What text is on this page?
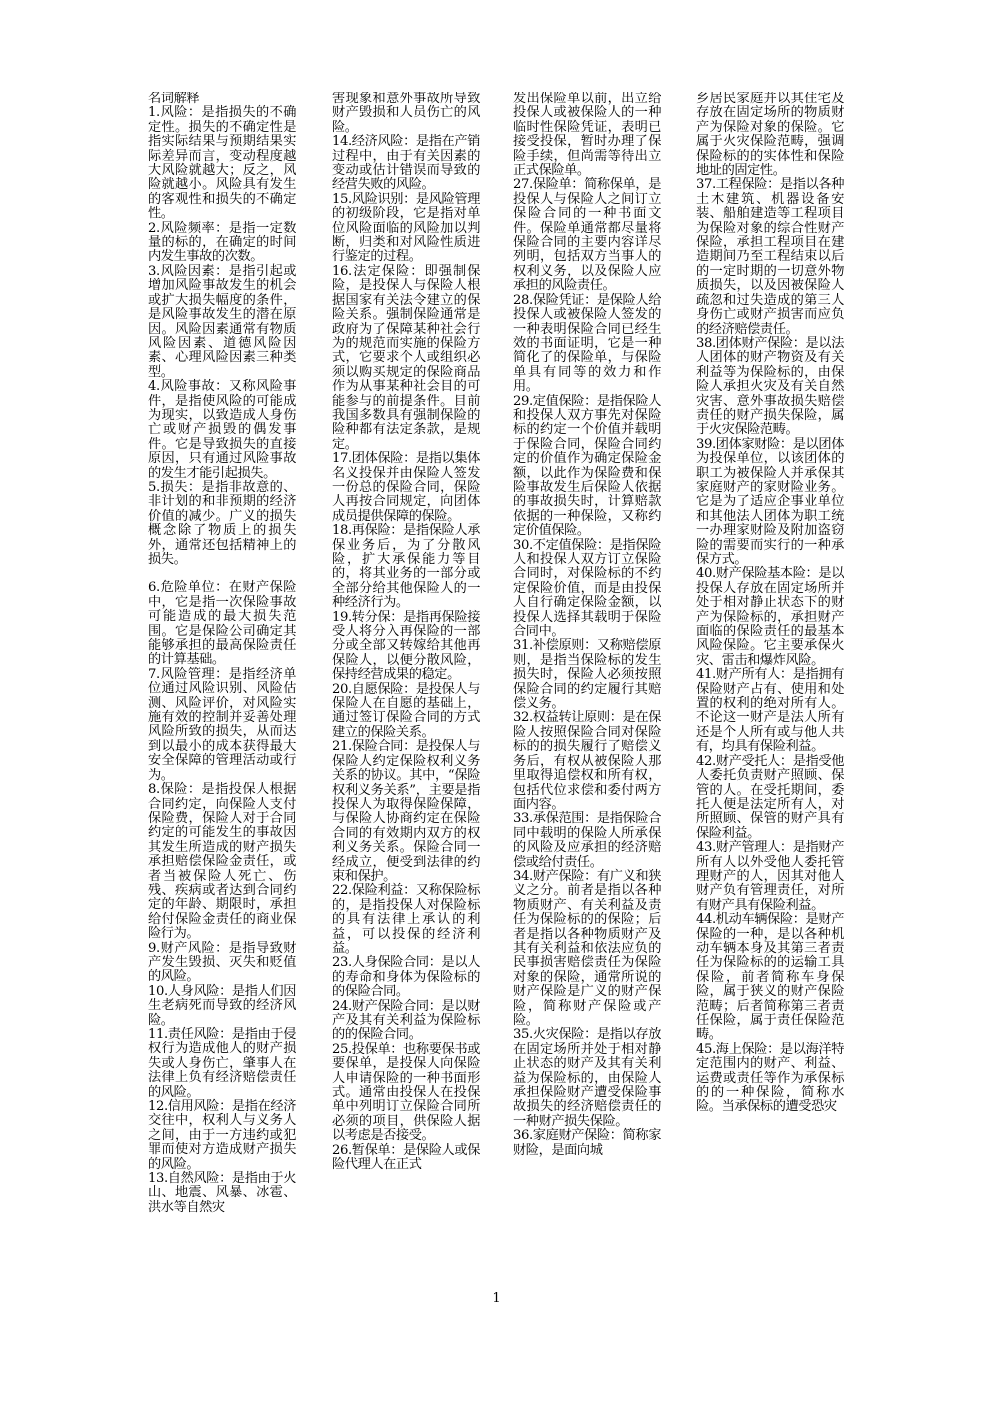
名词解释

1.风险：是指损失的不确定性。损失的不确定性是指实际结果与预期结果实际差异而言，变动程度越大风险就越大；反之，风险就越小。风险具有发生的客观性和损失的不确定性。

2.风险频率：是指一定数量的标的，在确定的时间内发生事故的次数。

3.风险因素：是指引起或增加风险事故发生的机会或扩大损失幅度的条件，是风险事故发生的潜在原因。风险因素通常有物质风险因素、道德风险因素、心理风险因素三种类型。

4.风险事故：又称风险事件，是指使风险的可能成为现实，以致造成人身伤亡或财产损毁的偶发事件。它是导致损失的直接原因，只有通过风险事故的发生才能引起损失。

5.损失：是指非故意的、非计划的和非预期的经济价值的减少。广义的损失概念除了物质上的损失外，通常还包括精神上的损失。

6.危险单位：在财产保险中，它是指一次保险事故可能造成的最大损失范围。它是保险公司确定其能够承担的最高保险责任的计算基础。

7.风险管理：是指经济单位通过风险识别、风险估测、风险评价，对风险实施有效的控制并妥善处理风险所致的损失，从而达到以最小的成本获得最大安全保障的管理活动或行为。

8.保险：是指投保人根据合同约定，向保险人支付保险费，保险人对于合同约定的可能发生的事故因其发生所造成的财产损失承担赔偿保险金责任，或者当被保险人死亡、伤残、疾病或者达到合同约定的年龄、期限时，承担给付保险金责任的商业保险行为。

9.财产风险：是指导致财产发生毁损、灭失和贬值的风险。

10.人身风险：是指人们因生老病死而导致的经济风险。

11.责任风险：是指由于侵权行为造成他人的财产损失或人身伤亡，肇事人在法律上负有经济赔偿责任的风险。

12.信用风险：是指在经济交往中，权利人与义务人之间，由于一方违约或犯罪而使对方造成财产损失的风险。

13.自然风险：是指由于火山、地震、风暴、冰雹、洪水等自然灾

害现象和意外事故所导致财产毁损和人员伤亡的风险。

14.经济风险：是指在产销过程中，由于有关因素的变动或估计错误而导致的经营失败的风险。

15.风险识别：是风险管理的初级阶段，它是指对单位风险面临的风险加以判断，归类和对风险性质进行鉴定的过程。

16.法定保险：即强制保险，是投保人与保险人根据国家有关法令建立的保险关系。强制保险通常是政府为了保障某种社会行为的规范而实施的保险方式，它要求个人或组织必须以购买规定的保险商品作为从事某种社会目的可能参与的前提条件。目前我国多数具有强制保险的险种都有法定条款，是规定。

17.团体保险：是指以集体名义投保并由保险人签发一份总的保险合同，保险人再按合同规定，向团体成员提供保障的保险。

18.再保险：是指保险人承保业务后，为了分散风险，扩大承保能力等目的，将其业务的一部分或全部分给其他保险人的一种经济行为。

19.转分保：是指再保险接受人将分入再保险的一部分或全部又转嫁给其他再保险人，以便分散风险，保持经营成果的稳定。

20.自愿保险：是投保人与保险人在自愿的基础上，通过签订保险合同的方式建立的保险关系。

21.保险合同：是投保人与保险人约定保险权利义务关系的协议。其中，“保险权利义务关系”，主要是指投保人为取得保险保障，与保险人协商约定在保险合同的有效期内双方的权利义务关系。保险合同一经成立，便受到法律的约束和保护。

22.保险利益：又称保险标的，是指投保人对保险标的具有法律上承认的利益，可以投保的经济利益。

23.人身保险合同：是以人的寿命和身体为保险标的的保险合同。

24.财产保险合同：是以财产及其有关利益为保险标的的保险合同。

25.投保单：也称要保书或要保单，是投保人向保险人申请保险的一种书面形式。通常由投保人在投保单中列明订立保险合同所必须的项目，供保险人据以考虑是否接受。

26.暂保单：是保险人或保险代理人在正式

发出保险单以前，出立给投保人或被保险人的一种临时性保险凭证，表明已接受投保，暂时办理了保险手续，但尚需等待出立正式保险单。

27.保险单：简称保单，是投保人与保险人之间订立保险合同的一种书面文件。保险单通常都尽量将保险合同的主要内容详尽列明，包括双方当事人的权利义务，以及保险人应承担的风险责任。

28.保险凭证：是保险人给投保人或被保险人签发的一种表明保险合同已经生效的书面证明，它是一种简化了的保险单，与保险单具有同等的效力和作用。

29.定值保险：是指保险人和投保人双方事先对保险标的约定一个价值并载明于保险合同，保险合同约定的价值作为确定保险金额，以此作为保险费和保险事故发生后保险人依据的事故损失时，计算赔款依据的一种保险，又称约定价值保险。

30.不定值保险：是指保险人和投保人双方订立保险合同时，对保险标的不约定保险价值，而是由投保人自行确定保险金额，以投保人选择其载明于保险合同中。

31.补偿原则：又称赔偿原则，是指当保险标的发生损失时，保险人必须按照保险合同的约定履行其赔偿义务。

32.权益转让原则：是在保险人按照保险合同对保险标的的损失履行了赔偿义务后，有权从被保险人那里取得追偿权和所有权，包括代位求偿和委付两方面内容。

33.承保范围：是指保险合同中载明的保险人所承保的风险及应承担的经济赔偿或给付责任。

34.财产保险：有广义和狭义之分。前者是指以各种物质财产、有关利益及责任为保险标的的保险；后者是指以各种物质财产及其有关利益和依法应负的民事损害赔偿责任为保险对象的保险，通常所说的财产保险是广义的财产保险，简称财产保险或产险。

35.火灾保险：是指以存放在固定场所并处于相对静止状态的财产及其有关利益为保险标的，由保险人承担保险财产遭受保险事故损失的经济赔偿责任的一种财产损失保险。

36.家庭财产保险：简称家财险，是面向城

乡居民家庭并以其住宅及存放在固定场所的物质财产为保险对象的保险。它属于火灾保险范畴，强调保险标的的实体性和保险地址的固定性。

37.工程保险：是指以各种土木建筑、机器设备安装、船舶建造等工程项目为保险对象的综合性财产保险，承担工程项目在建造期间乃至工程结束以后的一定时期的一切意外物质损失，以及因被保险人疏忽和过失造成的第三人身伤亡或财产损害而应负的经济赔偿责任。

38.团体财产保险：是以法人团体的财产物资及有关利益等为保险标的，由保险人承担火灾及有关自然灾害、意外事故损失赔偿责任的财产损失保险，属于火灾保险范畴。

39.团体家财险：是以团体为投保单位，以该团体的职工为被保险人并承保其家庭财产的家财险业务。它是为了适应企事业单位和其他法人团体为职工统一办理家财险及附加盗窃险的需要而实行的一种承保方式。

40.财产保险基本险：是以投保人存放在固定场所并处于相对静止状态下的财产为保险标的，承担财产面临的保险责任的最基本风险保险。它主要承保火灾、雷击和爆炸风险。

41.财产所有人：是指拥有保险财产占有、使用和处置的权利的绝对所有人。不论这一财产是法人所有还是个人所有或与他人共有，均具有保险利益。

42.财产受托人：是指受他人委托负责财产照顾、保管的人。在受托期间，委托人便是法定所有人，对所照顾、保管的财产具有保险利益。

43.财产管理人：是指财产所有人以外受他人委托管理财产的人，因其对他人财产负有管理责任，对所有财产具有保险利益。

44.机动车辆保险：是财产保险的一种，是以各种机动车辆本身及其第三者责任为保险标的的运输工具保险，前者简称车身保险，属于狭义的财产保险范畴；后者简称第三者责任保险，属于责任保险范畴。

45.海上保险：是以海洋特定范围内的财产、利益、运费或责任等作为承保标的的一种保险，简称水险。当承保标的遭受恐灾

1
